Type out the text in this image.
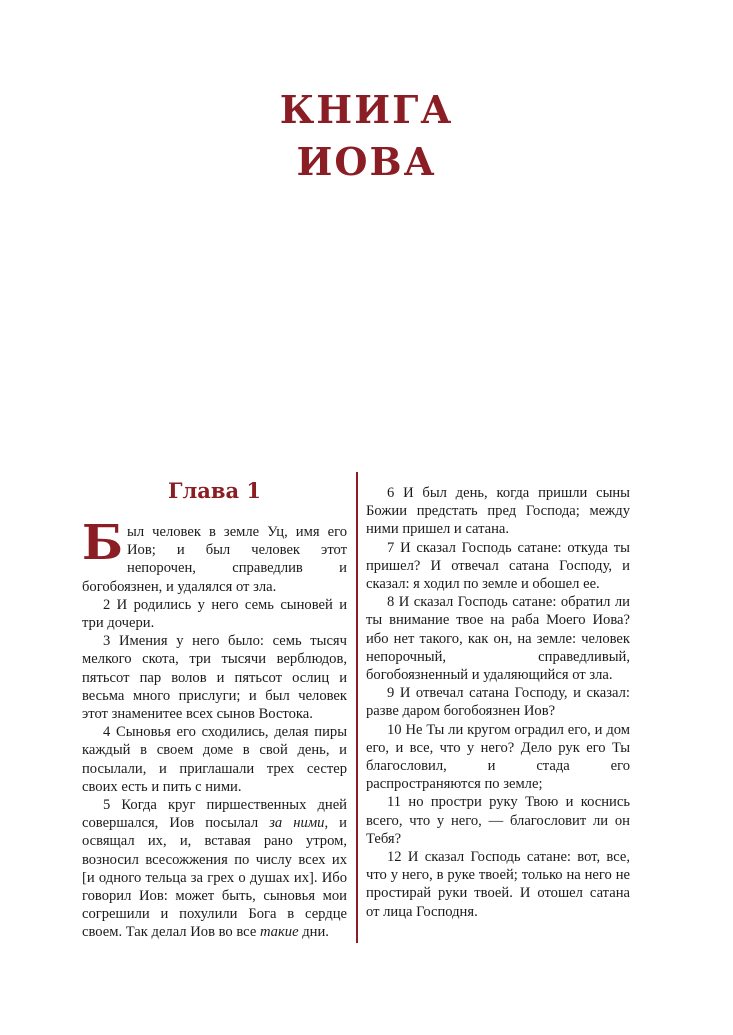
КНИГА
ИОВА
Глава 1

Был человек в земле Уц, имя его Иов; и был человек этот непорочен, справедлив и богобоязнен, и удалялся от зла.

2 И родились у него семь сыновей и три дочери.

3 Имения у него было: семь тысяч мелкого скота, три тысячи верблюдов, пятьсот пар волов и пятьсот ослиц и весьма много прислуги; и был человек этот знаменитее всех сынов Востока.

4 Сыновья его сходились, делая пиры каждый в своем доме в свой день, и посылали, и приглашали трех сестер своих есть и пить с ними.

5 Когда круг пиршественных дней совершался, Иов посылал за ними, и освящал их, и, вставая рано утром, возносил всесожжения по числу всех их [и одного тельца за грех о душах их]. Ибо говорил Иов: может быть, сыновья мои согрешили и похулили Бога в сердце своем. Так делал Иов во все такие дни.

6 И был день, когда пришли сыны Божии предстать пред Господа; между ними пришел и сатана.

7 И сказал Господь сатане: откуда ты пришел? И отвечал сатана Господу, и сказал: я ходил по земле и обошел ее.

8 И сказал Господь сатане: обратил ли ты внимание твое на раба Моего Иова? ибо нет такого, как он, на земле: человек непорочный, справедливый, богобоязненный и удаляющийся от зла.

9 И отвечал сатана Господу, и сказал: разве даром богобоязнен Иов?

10 Не Ты ли кругом оградил его, и дом его, и все, что у него? Дело рук его Ты благословил, и стада его распространяются по земле;

11 но простри руку Твою и коснись всего, что у него, — благословит ли он Тебя?

12 И сказал Господь сатане: вот, все, что у него, в руке твоей; только на него не простирай руки твоей. И отошел сатана от лица Господня.
